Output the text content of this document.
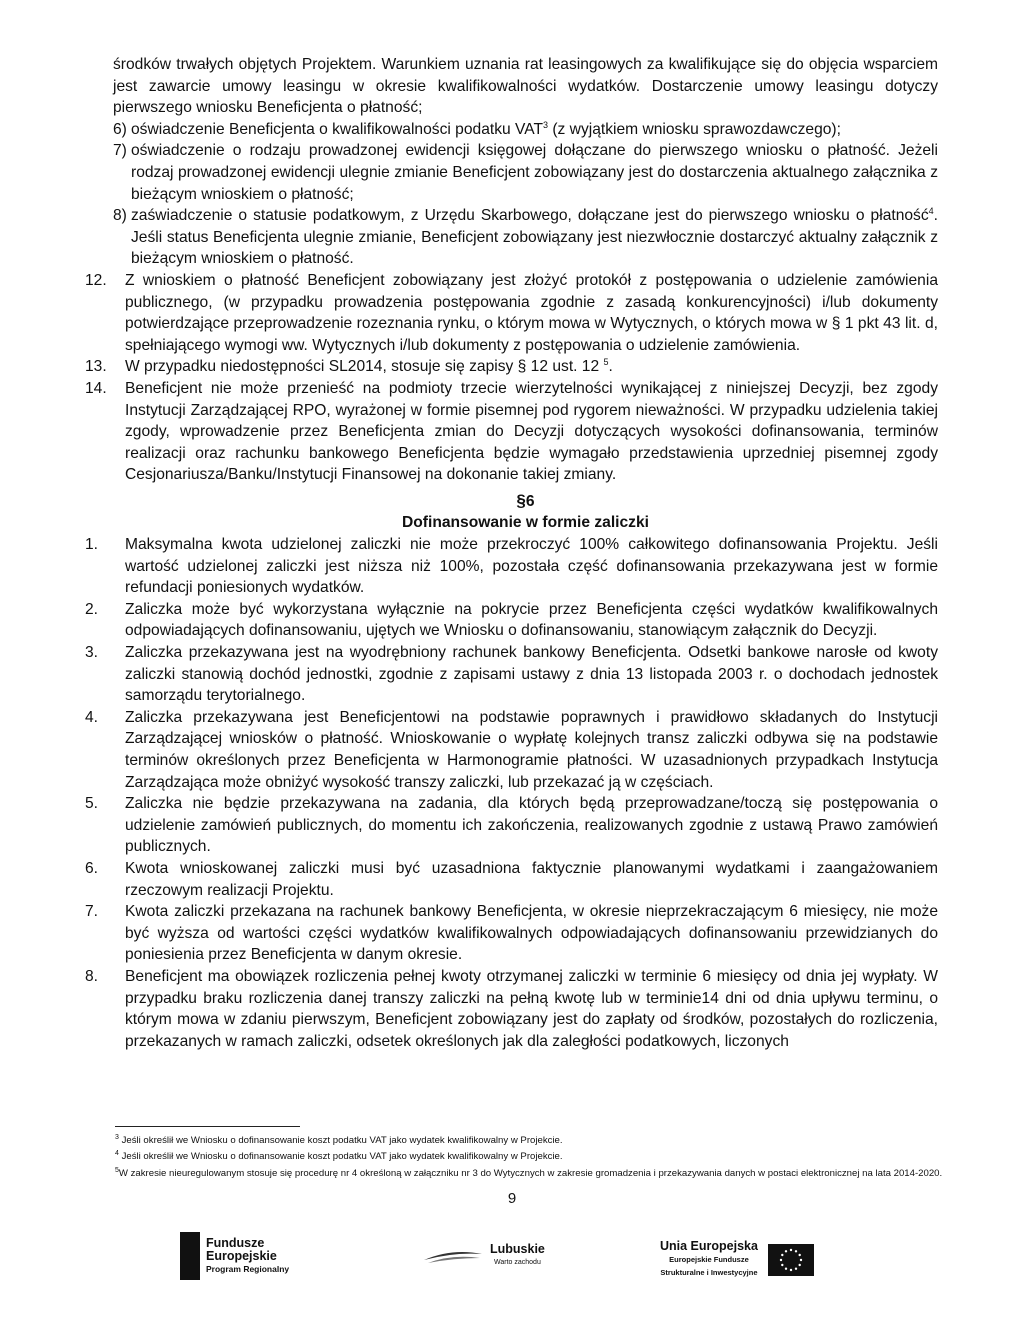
środków trwałych objętych Projektem. Warunkiem uznania rat leasingowych za kwalifikujące się do objęcia wsparciem jest zawarcie umowy leasingu w okresie kwalifikowalności wydatków. Dostarczenie umowy leasingu dotyczy pierwszego wniosku Beneficjenta o płatność;

6) oświadczenie Beneficjenta o kwalifikowalności podatku VAT$^3$ (z wyjątkiem wniosku sprawozdawczego);
7) oświadczenie o rodzaju prowadzonej ewidencji księgowej dołączane do pierwszego wniosku o płatność. Jeżeli rodzaj prowadzonej ewidencji ulegnie zmianie Beneficjent zobowiązany jest do dostarczenia aktualnego załącznika z bieżącym wnioskiem o płatność;
8) zaświadczenie o statusie podatkowym, z Urzędu Skarbowego, dołączane jest do pierwszego wniosku o płatność$^4$. Jeśli status Beneficjenta ulegnie zmianie, Beneficjent zobowiązany jest niezwłocznie dostarczyć aktualny załącznik z bieżącym wnioskiem o płatność.
12.	Z wnioskiem o płatność Beneficjent zobowiązany jest złożyć protokół z postępowania o udzielenie zamówienia publicznego, (w przypadku prowadzenia postępowania zgodnie z zasadą konkurencyjności) i/lub dokumenty potwierdzające przeprowadzenie rozeznania rynku, o którym mowa w Wytycznych, o których mowa w § 1 pkt 43 lit. d, spełniającego wymogi ww. Wytycznych i/lub dokumenty z postępowania o udzielenie zamówienia.
13.	W przypadku niedostępności SL2014, stosuje się zapisy § 12 ust. 12 $^5$.
14.	Beneficjent nie może przenieść na podmioty trzecie wierzytelności wynikającej z niniejszej Decyzji, bez zgody Instytucji Zarządzającej RPO, wyrażonej w formie pisemnej pod rygorem nieważności. W przypadku udzielenia takiej zgody, wprowadzenie przez Beneficjenta zmian do Decyzji dotyczących wysokości dofinansowania, terminów realizacji oraz rachunku bankowego Beneficjenta będzie wymagało przedstawienia uprzedniej pisemnej zgody Cesjonariusza/Banku/Instytucji Finansowej na dokonanie takiej zmiany.
§6
Dofinansowanie w formie zaliczki
1.	Maksymalna kwota udzielonej zaliczki nie może przekroczyć 100% całkowitego dofinansowania Projektu. Jeśli wartość udzielonej zaliczki jest niższa niż 100%, pozostała część dofinansowania przekazywana jest w formie refundacji poniesionych wydatków.
2.	Zaliczka może być wykorzystana wyłącznie na pokrycie przez Beneficjenta części wydatków kwalifikowalnych odpowiadających dofinansowaniu, ujętych we Wniosku o dofinansowaniu, stanowiącym załącznik do Decyzji.
3.	Zaliczka przekazywana jest na wyodrębniony rachunek bankowy Beneficjenta. Odsetki bankowe narosłe od kwoty zaliczki stanowią dochód jednostki, zgodnie z zapisami ustawy z dnia 13 listopada 2003 r. o dochodach jednostek samorządu terytorialnego.
4.	Zaliczka przekazywana jest Beneficjentowi na podstawie poprawnych i prawidłowo składanych do Instytucji Zarządzającej wniosków o płatność. Wnioskowanie o wypłatę kolejnych transz zaliczki odbywa się na podstawie terminów określonych przez Beneficjenta w Harmonogramie płatności. W uzasadnionych przypadkach Instytucja Zarządzająca może obniżyć wysokość transzy zaliczki, lub przekazać ją w częściach.
5.	Zaliczka nie będzie przekazywana na zadania, dla których będą przeprowadzane/toczą się postępowania o udzielenie zamówień publicznych, do momentu ich zakończenia, realizowanych zgodnie z ustawą Prawo zamówień publicznych.
6.	Kwota wnioskowanej zaliczki musi być uzasadniona faktycznie planowanymi wydatkami i zaangażowaniem rzeczowym realizacji Projektu.
7.	Kwota zaliczki przekazana na rachunek bankowy Beneficjenta, w okresie nieprzekraczającym 6 miesięcy, nie może być wyższa od wartości części wydatków kwalifikowalnych odpowiadających dofinansowaniu przewidzianych do poniesienia przez Beneficjenta w danym okresie.
8.	Beneficjent ma obowiązek rozliczenia pełnej kwoty otrzymanej zaliczki w terminie 6 miesięcy od dnia jej wypłaty. W przypadku braku rozliczenia danej transzy zaliczki na pełną kwotę lub w terminie14 dni od dnia upływu terminu, o którym mowa w zdaniu pierwszym, Beneficjent zobowiązany jest do zapłaty od środków, pozostałych do rozliczenia, przekazanych w ramach zaliczki, odsetek określonych jak dla zaległości podatkowych, liczonych

$^3$ Jeśli określił we Wniosku o dofinansowanie koszt podatku VAT jako wydatek kwalifikowalny w Projekcie.

$^4$ Jeśli określił we Wniosku o dofinansowanie koszt podatku VAT jako wydatek kwalifikowalny w Projekcie.

$^5$W zakresie nieuregulowanym stosuje się procedurę nr 4 określoną w załączniku nr 3 do Wytycznych w zakresie gromadzenia i przekazywania danych w postaci elektronicznej na lata 2014-2020.

9
Fundusze
Europejskie
Program Regionalny
Lubuskie
Warto zachodu
Unia Europejska
Europejskie Fundusze
Strukturalne i Inwestycyjne
